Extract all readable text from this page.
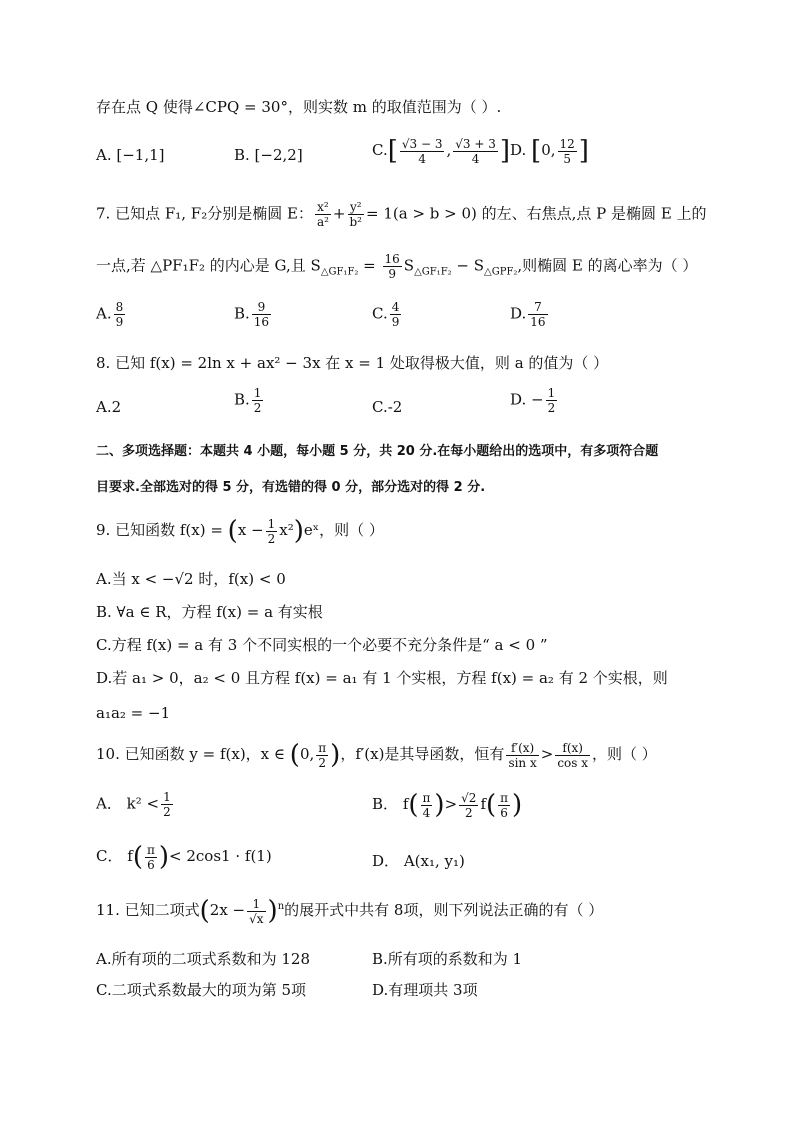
存在点 Q 使得∠CPQ = 30°，则实数 m 的取值范围为（ ）.
A. [−1,1]	B. [−2,2]	$C.[ \frac{√3 - 3}{4}$ , $\frac{√3 + 3}{4}$ ] D. [0, $\frac{12}{5}$ ]
7. 已知点 F₁, F₂分别是椭圆 E： $\frac{\text{x²}}{\text{a²}} + \frac{\text{y²}}{\text{b²}} = 1(a > b > 0)$ 的左、右焦点,点 P 是椭圆 E 上的
一点,若 △PF₁F₂ 的内心是 G,且 $S_{\triangle GF_1F_2} = \frac{16}{9} S_{\triangle GF_1F_2} - S_{\triangle GPF_2}$,则椭圆 E 的离心率为（ ）
A. $\frac{8}{9}$	B. $\frac{9}{16}$	C. $\frac{4}{9}$	D. $\frac{7}{16}$
8. 已知 f(x) = 2ln x + ax² − 3x 在 x = 1 处取得极大值，则 a 的值为（ ）
A.2	B. $\frac{1}{2}$	C.-2	D. − $\frac{1}{2}$
二、多项选择题：本题共 4 小题，每小题 5 分，共 20 分.在每小题给出的选项中，有多项符合题
目要求.全部选对的得 5 分，有选错的得 0 分，部分选对的得 2 分.
9. 已知函数 $f(x) = (x - \frac{1}{2}$ x²)eˣ，则（ ）
A.当 x < −√2 时，f(x) < 0
B. ∀a ∈ R，方程 f(x) = a 有实根
C.方程 f(x) = a 有 3 个不同实根的一个必要不充分条件是“ a < 0 ”
D.若 a₁ > 0，a₂ < 0 且方程 f(x) = a₁ 有 1 个实根，方程 f(x) = a₂ 有 2 个实根，则
a₁a₂ = −1
10. 已知函数 y = f(x)，x ∈ (0, $\frac{\pi}{2}$ )，f′(x)是其导函数，恒有 $\frac{f'(x)}{\text{sin x}} > \frac{f(x)}{\text{cos x}}$ ，则（ ）
A． $k^2 < \frac{1}{2}$	B． $f( \frac{\pi}{4}$ )> $\frac{√2}{2} f( \frac{\pi}{6}$ )
C． $f( \frac{\pi}{6}$ )< 2cos1 · f(1)	D． A(x₁, y₁)
11. 已知二项式$(2x - \frac{1}{√x} )^n$的展开式中共有 8项，则下列说法正确的有（ ）
A.所有项的二项式系数和为 128	B.所有项的系数和为 1
C.二项式系数最大的项为第 5项	D.有理项共 3项
